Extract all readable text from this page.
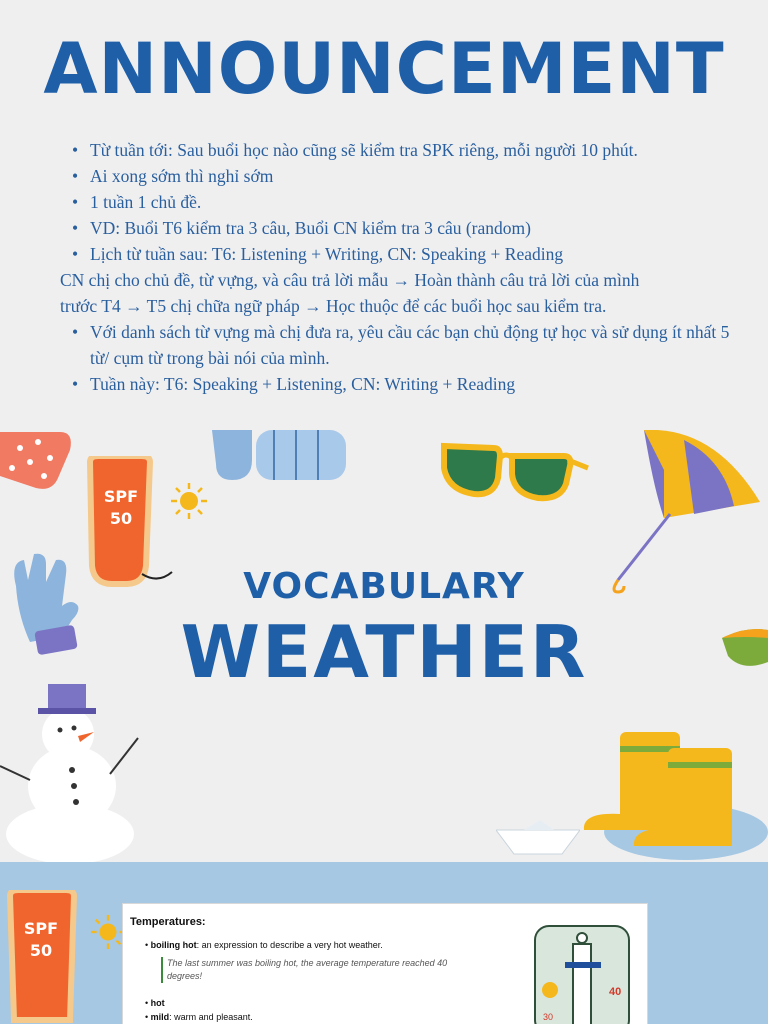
ANNOUNCEMENT
• Từ tuần tới: Sau buổi học nào cũng sẽ kiểm tra SPK riêng, mỗi người 10 phút.
• Ai xong sớm thì nghỉ sớm
• 1 tuần 1 chủ đề.
• VD: Buổi T6 kiểm tra 3 câu, Buổi CN kiểm tra 3 câu (random)
• Lịch từ tuần sau: T6: Listening + Writing, CN: Speaking + Reading

CN chị cho chủ đề, từ vựng, và câu trả lời mẫu → Hoàn thành câu trả lời của mình

trước T4 → T5 chị chữa ngữ pháp → Học thuộc để các buổi học sau kiểm tra.

• Với danh sách từ vựng mà chị đưa ra, yêu cầu các bạn chủ động tự học và sử dụng ít nhất 5 từ/ cụm từ trong bài nói của mình.
• Tuần này: T6: Speaking + Listening, CN: Writing + Reading
SPF
50
VOCABULARY
WEATHER
SPF
50
Temperatures:
• boiling hot: an expression to describe a very hot weather.
The last summer was boiling hot, the average temperature reached 40 degrees!
• hot
• mild: warm and pleasant.
40
30
